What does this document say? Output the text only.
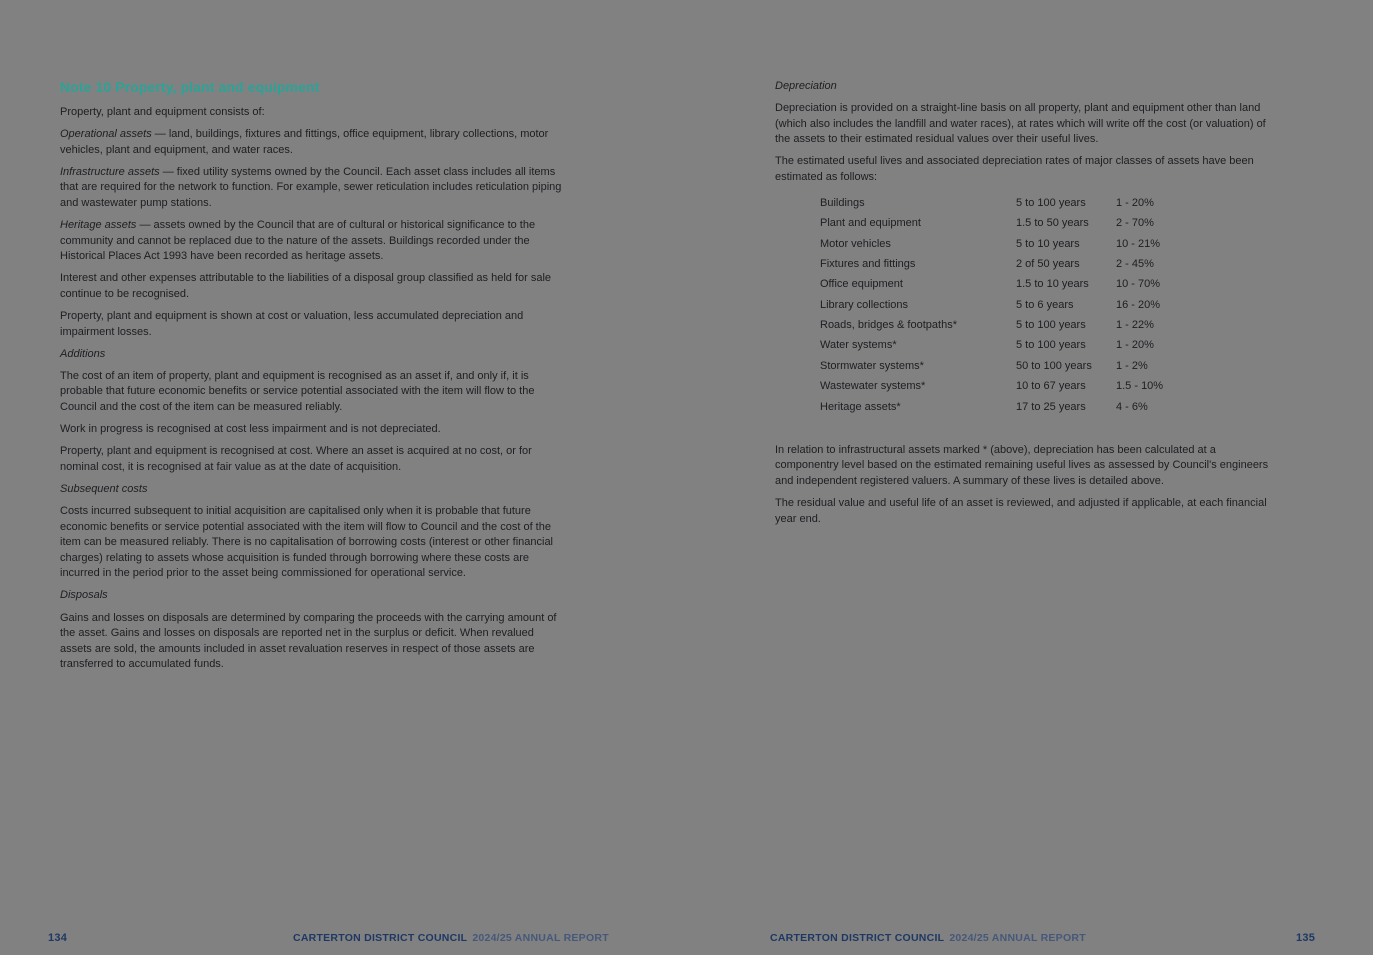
Note 10 Property, plant and equipment

Property, plant and equipment consists of:

Operational assets — land, buildings, fixtures and fittings, office equipment, library collections, motor vehicles, plant and equipment, and water races.

Infrastructure assets — fixed utility systems owned by the Council. Each asset class includes all items that are required for the network to function. For example, sewer reticulation includes reticulation piping and wastewater pump stations.

Heritage assets — assets owned by the Council that are of cultural or historical significance to the community and cannot be replaced due to the nature of the assets. Buildings recorded under the Historical Places Act 1993 have been recorded as heritage assets.

Interest and other expenses attributable to the liabilities of a disposal group classified as held for sale continue to be recognised.

Property, plant and equipment is shown at cost or valuation, less accumulated depreciation and impairment losses.

Additions

The cost of an item of property, plant and equipment is recognised as an asset if, and only if, it is probable that future economic benefits or service potential associated with the item will flow to the Council and the cost of the item can be measured reliably.

Work in progress is recognised at cost less impairment and is not depreciated.

Property, plant and equipment is recognised at cost. Where an asset is acquired at no cost, or for nominal cost, it is recognised at fair value as at the date of acquisition.

Subsequent costs

Costs incurred subsequent to initial acquisition are capitalised only when it is probable that future economic benefits or service potential associated with the item will flow to Council and the cost of the item can be measured reliably. There is no capitalisation of borrowing costs (interest or other financial charges) relating to assets whose acquisition is funded through borrowing where these costs are incurred in the period prior to the asset being commissioned for operational service.

Disposals

Gains and losses on disposals are determined by comparing the proceeds with the carrying amount of the asset. Gains and losses on disposals are reported net in the surplus or deficit. When revalued assets are sold, the amounts included in asset revaluation reserves in respect of those assets are transferred to accumulated funds.

Depreciation

Depreciation is provided on a straight-line basis on all property, plant and equipment other than land (which also includes the landfill and water races), at rates which will write off the cost (or valuation) of the assets to their estimated residual values over their useful lives.

The estimated useful lives and associated depreciation rates of major classes of assets have been estimated as follows:

Buildings	5 to 100 years	1 - 20%
Plant and equipment	1.5 to 50 years	2 - 70%
Motor vehicles	5 to 10 years	10 - 21%
Fixtures and fittings	2 of 50 years	2 - 45%
Office equipment	1.5 to 10 years	10 - 70%
Library collections	5 to 6 years	16 - 20%
Roads, bridges & footpaths*	5 to 100 years	1 - 22%
Water systems*	5 to 100 years	1 - 20%
Stormwater systems*	50 to 100 years	1 - 2%
Wastewater systems*	10 to 67 years	1.5 - 10%
Heritage assets*	17 to 25 years	4 - 6%

In relation to infrastructural assets marked * (above), depreciation has been calculated at a componentry level based on the estimated remaining useful lives as assessed by Council's engineers and independent registered valuers. A summary of these lives is detailed above.

The residual value and useful life of an asset is reviewed, and adjusted if applicable, at each financial year end.

134	CARTERTON DISTRICT COUNCIL 2024/25 ANNUAL REPORT	CARTERTON DISTRICT COUNCIL 2024/25 ANNUAL REPORT	135
